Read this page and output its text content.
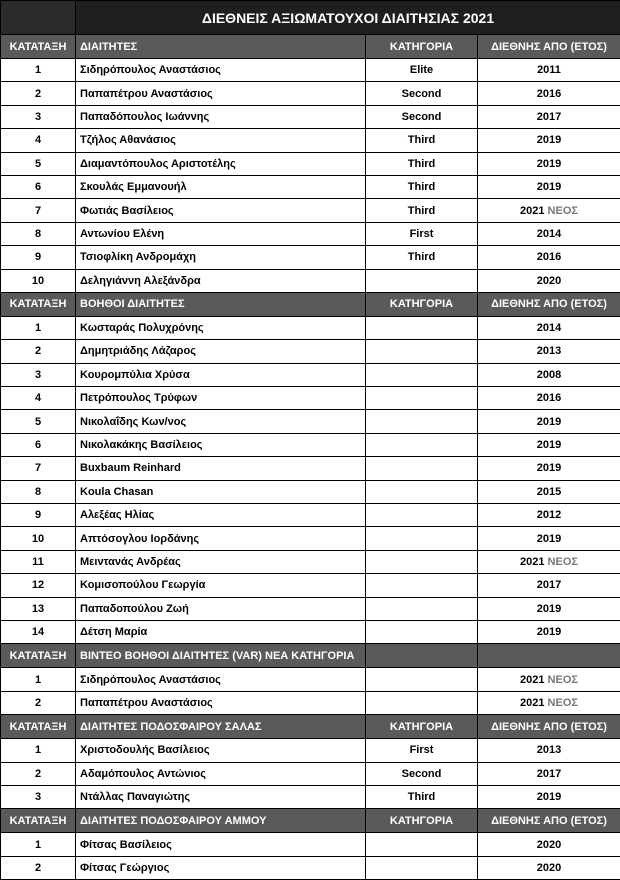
	ΔΙΕΘΝΕΙΣ ΑΞΙΩΜΑΤΟΥΧΟΙ ΔΙΑΙΤΗΣΙΑΣ 2021		
ΚΑΤΑΤΑΞΗ	ΔΙΑΙΤΗΤΕΣ	ΚΑΤΗΓΟΡΙΑ	ΔΙΕΘΝΗΣ ΑΠΟ (ΕΤΟΣ)
1	Σιδηρόπουλος Αναστάσιος	Elite	2011
2	Παπαπέτρου Αναστάσιος	Second	2016
3	Παπαδόπουλος Ιωάννης	Second	2017
4	Τζήλος Αθανάσιος	Third	2019
5	Διαμαντόπουλος Αριστοτέλης	Third	2019
6	Σκουλάς Εμμανουήλ	Third	2019
7	Φωτιάς Βασίλειος	Third	2021 ΝΕΟΣ
8	Αντωνίου Ελένη	First	2014
9	Τσιοφλίκη Ανδρομάχη	Third	2016
10	Δεληγιάννη Αλεξάνδρα		2020
ΚΑΤΑΤΑΞΗ	ΒΟΗΘΟΙ ΔΙΑΙΤΗΤΕΣ	ΚΑΤΗΓΟΡΙΑ	ΔΙΕΘΝΗΣ ΑΠΟ (ΕΤΟΣ)
1	Κωσταράς Πολυχρόνης		2014
2	Δημητριάδης Λάζαρος		2013
3	Κουρομπύλια Χρύσα		2008
4	Πετρόπουλος Τρύφων		2016
5	Νικολαΐδης Κων/νος		2019
6	Νικολακάκης Βασίλειος		2019
7	Buxbaum Reinhard		2019
8	Koula Chasan		2015
9	Αλεξέας Ηλίας		2012
10	Απτόσογλου Ιορδάνης		2019
11	Μειντανάς Ανδρέας		2021 ΝΕΟΣ
12	Κομισοπούλου Γεωργία		2017
13	Παπαδοπούλου Ζωή		2019
14	Δέτση Μαρία		2019
ΚΑΤΑΤΑΞΗ	ΒΙΝΤΕΟ ΒΟΗΘΟΙ ΔΙΑΙΤΗΤΕΣ (VAR) ΝΕΑ ΚΑΤΗΓΟΡΙΑ		
1	Σιδηρόπουλος Αναστάσιος		2021 ΝΕΟΣ
2	Παπαπέτρου Αναστάσιος		2021 ΝΕΟΣ
ΚΑΤΑΤΑΞΗ	ΔΙΑΙΤΗΤΕΣ ΠΟΔΟΣΦΑΙΡΟΥ ΣΑΛΑΣ	ΚΑΤΗΓΟΡΙΑ	ΔΙΕΘΝΗΣ ΑΠΟ (ΕΤΟΣ)
1	Χριστοδουλής Βασίλειος	First	2013
2	Αδαμόπουλος Αντώνιος	Second	2017
3	Ντάλλας Παναγιώτης	Third	2019
ΚΑΤΑΤΑΞΗ	ΔΙΑΙΤΗΤΕΣ ΠΟΔΟΣΦΑΙΡΟΥ ΑΜΜΟΥ	ΚΑΤΗΓΟΡΙΑ	ΔΙΕΘΝΗΣ ΑΠΟ (ΕΤΟΣ)
1	Φίτσας Βασίλειος		2020
2	Φίτσας Γεώργιος		2020
